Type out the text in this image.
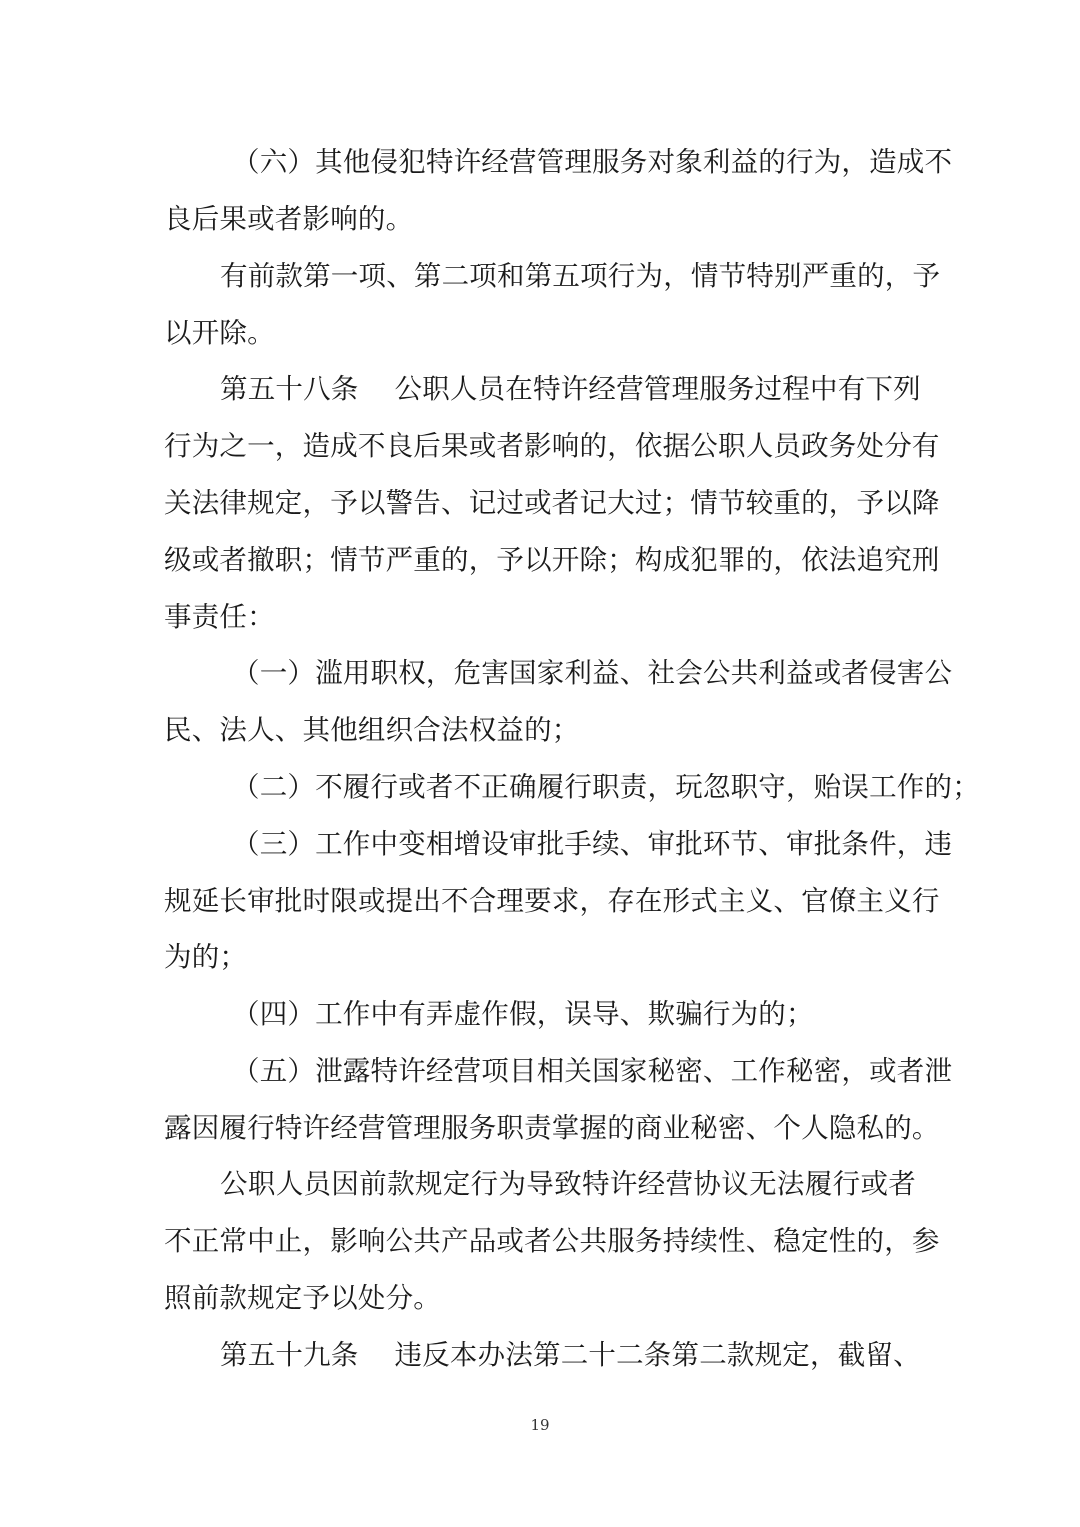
（六）其他侵犯特许经营管理服务对象利益的行为，造成不
良后果或者影响的。
有前款第一项、第二项和第五项行为，情节特别严重的，予
以开除。
第五十八条 公职人员在特许经营管理服务过程中有下列
行为之一，造成不良后果或者影响的，依据公职人员政务处分有
关法律规定，予以警告、记过或者记大过；情节较重的，予以降
级或者撤职；情节严重的，予以开除；构成犯罪的，依法追究刑
事责任：
（一）滥用职权，危害国家利益、社会公共利益或者侵害公
民、法人、其他组织合法权益的；
（二）不履行或者不正确履行职责，玩忽职守，贻误工作的；
（三）工作中变相增设审批手续、审批环节、审批条件，违
规延长审批时限或提出不合理要求，存在形式主义、官僚主义行
为的；
（四）工作中有弄虚作假，误导、欺骗行为的；
（五）泄露特许经营项目相关国家秘密、工作秘密，或者泄
露因履行特许经营管理服务职责掌握的商业秘密、个人隐私的。
公职人员因前款规定行为导致特许经营协议无法履行或者
不正常中止，影响公共产品或者公共服务持续性、稳定性的，参
照前款规定予以处分。
第五十九条 违反本办法第二十二条第二款规定，截留、
19
